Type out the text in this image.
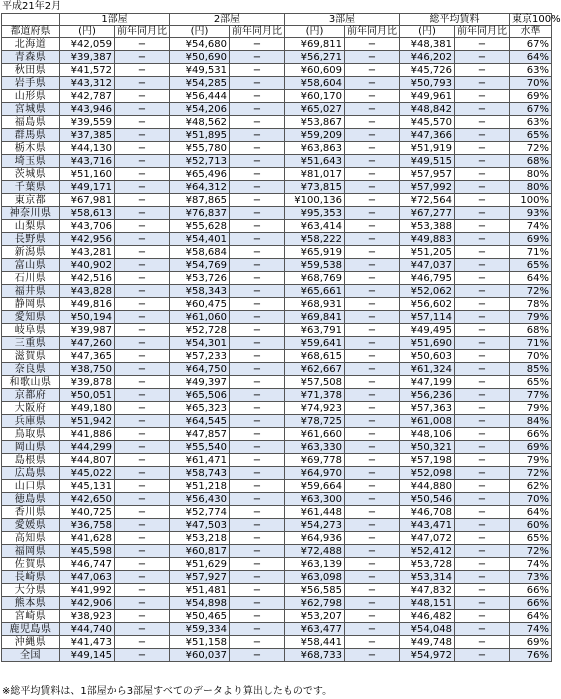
平成21年2月
	1部屋		2部屋		3部屋		総平均賃料		東京100%
都道府県	(円)	前年同月比	(円)	前年同月比	(円)	前年同月比	(円)	前年同月比	水準
北海道	¥42,059	−	¥54,680	−	¥69,811	−	¥48,381	−	67%
青森県	¥39,387	−	¥50,690	−	¥56,271	−	¥46,202	−	64%
秋田県	¥41,572	−	¥49,531	−	¥60,609	−	¥45,726	−	63%
岩手県	¥43,312	−	¥54,285	−	¥58,604	−	¥50,793	−	70%
山形県	¥42,787	−	¥56,444	−	¥60,170	−	¥49,961	−	69%
宮城県	¥43,946	−	¥54,206	−	¥65,027	−	¥48,842	−	67%
福島県	¥39,559	−	¥48,562	−	¥53,867	−	¥45,570	−	63%
群馬県	¥37,385	−	¥51,895	−	¥59,209	−	¥47,366	−	65%
栃木県	¥44,130	−	¥55,780	−	¥63,863	−	¥51,919	−	72%
埼玉県	¥43,716	−	¥52,713	−	¥51,643	−	¥49,515	−	68%
茨城県	¥51,160	−	¥65,496	−	¥81,017	−	¥57,957	−	80%
千葉県	¥49,171	−	¥64,312	−	¥73,815	−	¥57,992	−	80%
東京都	¥67,981	−	¥87,865	−	¥100,136	−	¥72,564	−	100%
神奈川県	¥58,613	−	¥76,837	−	¥95,353	−	¥67,277	−	93%
山梨県	¥43,706	−	¥55,628	−	¥63,414	−	¥53,388	−	74%
長野県	¥42,956	−	¥54,401	−	¥58,222	−	¥49,883	−	69%
新潟県	¥43,281	−	¥58,684	−	¥65,919	−	¥51,205	−	71%
富山県	¥40,902	−	¥54,769	−	¥59,538	−	¥47,037	−	65%
石川県	¥42,516	−	¥53,726	−	¥68,769	−	¥46,795	−	64%
福井県	¥43,828	−	¥58,343	−	¥65,661	−	¥52,062	−	72%
静岡県	¥49,816	−	¥60,475	−	¥68,931	−	¥56,602	−	78%
愛知県	¥50,194	−	¥61,060	−	¥69,841	−	¥57,114	−	79%
岐阜県	¥39,987	−	¥52,728	−	¥63,791	−	¥49,495	−	68%
三重県	¥47,260	−	¥54,301	−	¥59,641	−	¥51,690	−	71%
滋賀県	¥47,365	−	¥57,233	−	¥68,615	−	¥50,603	−	70%
奈良県	¥38,750	−	¥64,750	−	¥62,667	−	¥61,324	−	85%
和歌山県	¥39,878	−	¥49,397	−	¥57,508	−	¥47,199	−	65%
京都府	¥50,051	−	¥65,506	−	¥71,378	−	¥56,236	−	77%
大阪府	¥49,180	−	¥65,323	−	¥74,923	−	¥57,363	−	79%
兵庫県	¥51,942	−	¥64,545	−	¥78,725	−	¥61,008	−	84%
鳥取県	¥41,886	−	¥47,857	−	¥61,660	−	¥48,106	−	66%
岡山県	¥44,299	−	¥55,540	−	¥63,330	−	¥50,321	−	69%
島根県	¥44,807	−	¥61,471	−	¥69,778	−	¥57,198	−	79%
広島県	¥45,022	−	¥58,743	−	¥64,970	−	¥52,098	−	72%
山口県	¥45,131	−	¥51,218	−	¥59,664	−	¥44,880	−	62%
徳島県	¥42,650	−	¥56,430	−	¥63,300	−	¥50,546	−	70%
香川県	¥40,725	−	¥52,774	−	¥61,448	−	¥46,708	−	64%
愛媛県	¥36,758	−	¥47,503	−	¥54,273	−	¥43,471	−	60%
高知県	¥41,628	−	¥53,218	−	¥64,936	−	¥47,072	−	65%
福岡県	¥45,598	−	¥60,817	−	¥72,488	−	¥52,412	−	72%
佐賀県	¥46,747	−	¥51,629	−	¥63,139	−	¥53,728	−	74%
長崎県	¥47,063	−	¥57,927	−	¥63,098	−	¥53,314	−	73%
大分県	¥41,992	−	¥51,481	−	¥56,585	−	¥47,832	−	66%
熊本県	¥42,906	−	¥54,898	−	¥62,798	−	¥48,151	−	66%
宮崎県	¥38,923	−	¥50,465	−	¥53,207	−	¥46,482	−	64%
鹿児島県	¥44,740	−	¥59,334	−	¥63,477	−	¥54,048	−	74%
沖縄県	¥41,473	−	¥51,158	−	¥58,441	−	¥49,748	−	69%
全国	¥49,145	−	¥60,037	−	¥68,733	−	¥54,972	−	76%
※総平均賃料は、1部屋から3部屋すべてのデータより算出したものです。
